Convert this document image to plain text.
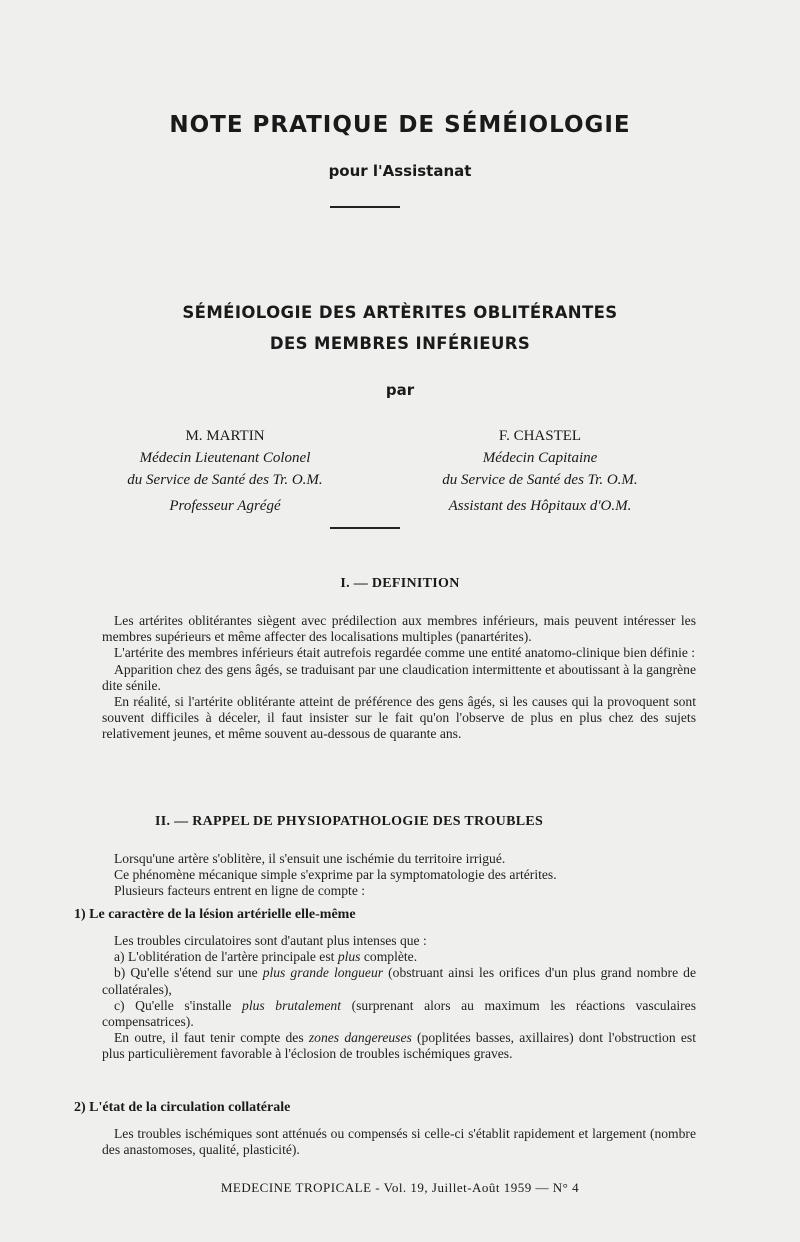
NOTE PRATIQUE DE SÉMÉIOLOGIE
pour l'Assistanat
SÉMÉIOLOGIE DES ARTÈRITES OBLITÉRANTES
DES MEMBRES INFÉRIEURS
par
M. MARTIN
Médecin Lieutenant Colonel
du Service de Santé des Tr. O.M.
Professeur Agrégé
F. CHASTEL
Médecin Capitaine
du Service de Santé des Tr. O.M.
Assistant des Hôpitaux d'O.M.
I. — DEFINITION

Les artérites oblitérantes siègent avec prédilection aux membres inférieurs, mais peuvent intéresser les membres supérieurs et même affecter des localisations multiples (panartérites).

L'artérite des membres inférieurs était autrefois regardée comme une entité anatomo-clinique bien définie :

Apparition chez des gens âgés, se traduisant par une claudication intermittente et aboutissant à la gangrène dite sénile.

En réalité, si l'artérite oblitérante atteint de préférence des gens âgés, si les causes qui la provoquent sont souvent difficiles à déceler, il faut insister sur le fait qu'on l'observe de plus en plus chez des sujets relativement jeunes, et même souvent au-dessous de quarante ans.

II. — RAPPEL DE PHYSIOPATHOLOGIE DES TROUBLES

Lorsqu'une artère s'oblitère, il s'ensuit une ischémie du territoire irrigué.

Ce phénomène mécanique simple s'exprime par la symptomatologie des artérites.

Plusieurs facteurs entrent en ligne de compte :

1) Le caractère de la lésion artérielle elle-même

Les troubles circulatoires sont d'autant plus intenses que :

a) L'oblitération de l'artère principale est plus complète.

b) Qu'elle s'étend sur une plus grande longueur (obstruant ainsi les orifices d'un plus grand nombre de collatérales),

c) Qu'elle s'installe plus brutalement (surprenant alors au maximum les réactions vasculaires compensatrices).

En outre, il faut tenir compte des zones dangereuses (poplitées basses, axillaires) dont l'obstruction est plus particulièrement favorable à l'éclosion de troubles ischémiques graves.

2) L'état de la circulation collatérale

Les troubles ischémiques sont atténués ou compensés si celle-ci s'établit rapidement et largement (nombre des anastomoses, qualité, plasticité).

MEDECINE TROPICALE - Vol. 19, Juillet-Août 1959 — N° 4
